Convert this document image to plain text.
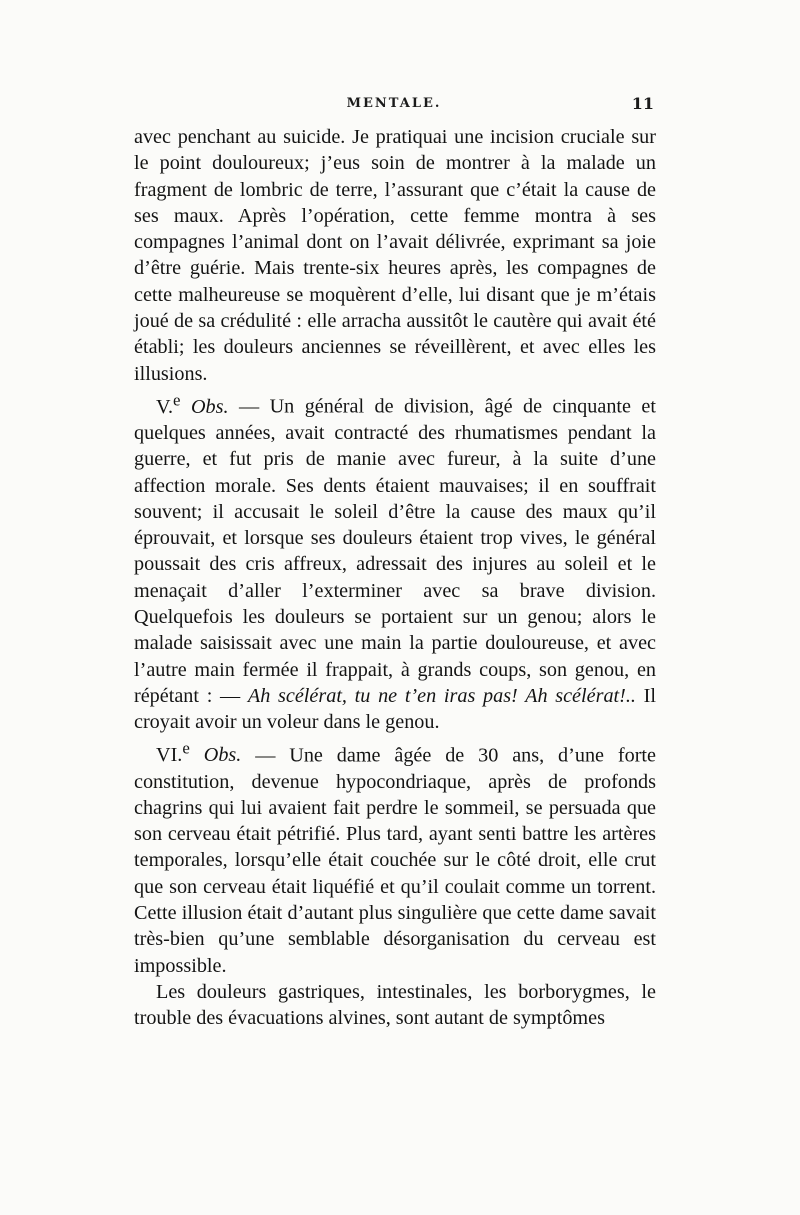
MENTALE.	11

avec penchant au suicide. Je pratiquai une incision cruciale sur le point douloureux; j’eus soin de montrer à la malade un fragment de lombric de terre, l’assurant que c’était la cause de ses maux. Après l’opération, cette femme montra à ses compagnes l’animal dont on l’avait délivrée, exprimant sa joie d’être guérie. Mais trente-six heures après, les compagnes de cette malheureuse se moquèrent d’elle, lui disant que je m’étais joué de sa crédulité : elle arracha aussitôt le cautère qui avait été établi; les douleurs anciennes se réveillèrent, et avec elles les illusions.

V.$^e$ Obs. — Un général de division, âgé de cinquante et quelques années, avait contracté des rhumatismes pendant la guerre, et fut pris de manie avec fureur, à la suite d’une affection morale. Ses dents étaient mauvaises; il en souffrait souvent; il accusait le soleil d’être la cause des maux qu’il éprouvait, et lorsque ses douleurs étaient trop vives, le général poussait des cris affreux, adressait des injures au soleil et le menaçait d’aller l’exterminer avec sa brave division. Quelquefois les douleurs se portaient sur un genou; alors le malade saisissait avec une main la partie douloureuse, et avec l’autre main fermée il frappait, à grands coups, son genou, en répétant : — Ah scélérat, tu ne t’en iras pas! Ah scélérat!.. Il croyait avoir un voleur dans le genou.

VI.$^e$ Obs. — Une dame âgée de 30 ans, d’une forte constitution, devenue hypocondriaque, après de profonds chagrins qui lui avaient fait perdre le sommeil, se persuada que son cerveau était pétrifié. Plus tard, ayant senti battre les artères temporales, lorsqu’elle était couchée sur le côté droit, elle crut que son cerveau était liquéfié et qu’il coulait comme un torrent. Cette illusion était d’autant plus singulière que cette dame savait très-bien qu’une semblable désorganisation du cerveau est impossible.

Les douleurs gastriques, intestinales, les borborygmes, le trouble des évacuations alvines, sont autant de symptômes
